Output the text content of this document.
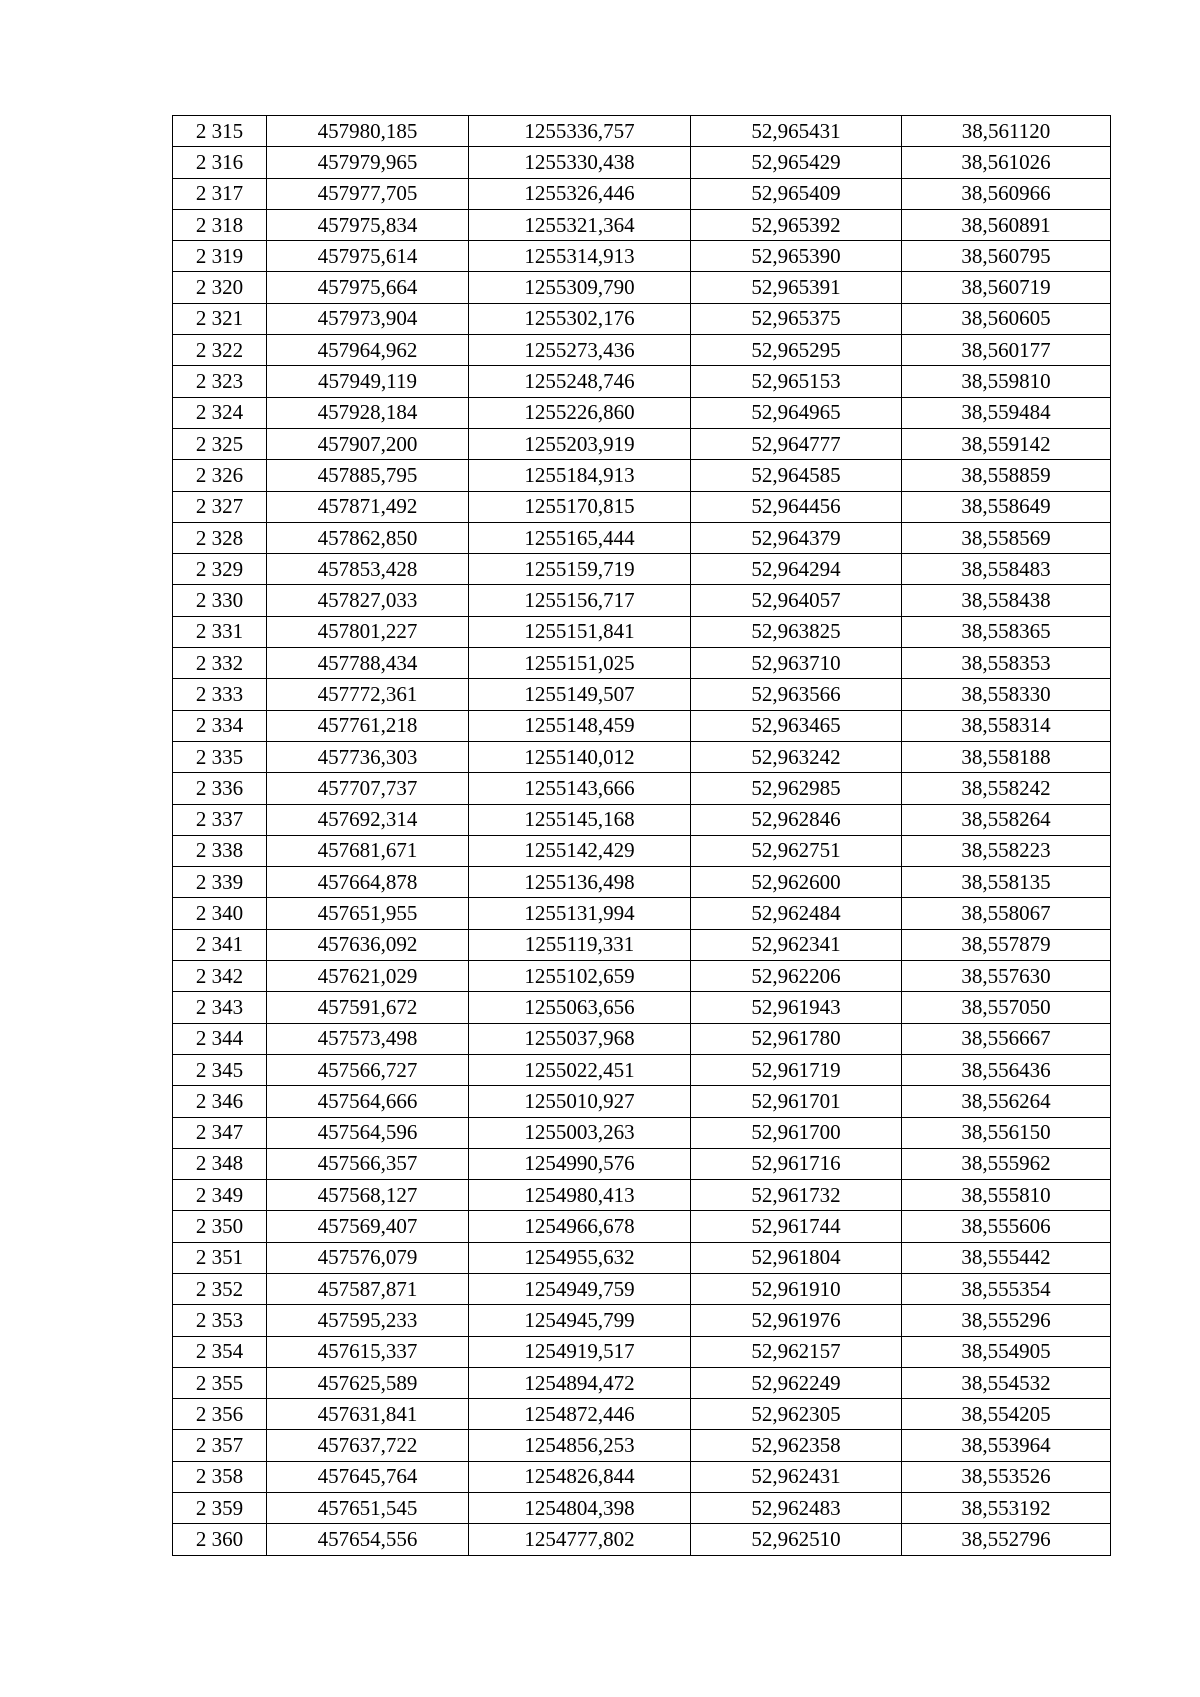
2 315	457980,185	1255336,757	52,965431	38,561120
2 316	457979,965	1255330,438	52,965429	38,561026
2 317	457977,705	1255326,446	52,965409	38,560966
2 318	457975,834	1255321,364	52,965392	38,560891
2 319	457975,614	1255314,913	52,965390	38,560795
2 320	457975,664	1255309,790	52,965391	38,560719
2 321	457973,904	1255302,176	52,965375	38,560605
2 322	457964,962	1255273,436	52,965295	38,560177
2 323	457949,119	1255248,746	52,965153	38,559810
2 324	457928,184	1255226,860	52,964965	38,559484
2 325	457907,200	1255203,919	52,964777	38,559142
2 326	457885,795	1255184,913	52,964585	38,558859
2 327	457871,492	1255170,815	52,964456	38,558649
2 328	457862,850	1255165,444	52,964379	38,558569
2 329	457853,428	1255159,719	52,964294	38,558483
2 330	457827,033	1255156,717	52,964057	38,558438
2 331	457801,227	1255151,841	52,963825	38,558365
2 332	457788,434	1255151,025	52,963710	38,558353
2 333	457772,361	1255149,507	52,963566	38,558330
2 334	457761,218	1255148,459	52,963465	38,558314
2 335	457736,303	1255140,012	52,963242	38,558188
2 336	457707,737	1255143,666	52,962985	38,558242
2 337	457692,314	1255145,168	52,962846	38,558264
2 338	457681,671	1255142,429	52,962751	38,558223
2 339	457664,878	1255136,498	52,962600	38,558135
2 340	457651,955	1255131,994	52,962484	38,558067
2 341	457636,092	1255119,331	52,962341	38,557879
2 342	457621,029	1255102,659	52,962206	38,557630
2 343	457591,672	1255063,656	52,961943	38,557050
2 344	457573,498	1255037,968	52,961780	38,556667
2 345	457566,727	1255022,451	52,961719	38,556436
2 346	457564,666	1255010,927	52,961701	38,556264
2 347	457564,596	1255003,263	52,961700	38,556150
2 348	457566,357	1254990,576	52,961716	38,555962
2 349	457568,127	1254980,413	52,961732	38,555810
2 350	457569,407	1254966,678	52,961744	38,555606
2 351	457576,079	1254955,632	52,961804	38,555442
2 352	457587,871	1254949,759	52,961910	38,555354
2 353	457595,233	1254945,799	52,961976	38,555296
2 354	457615,337	1254919,517	52,962157	38,554905
2 355	457625,589	1254894,472	52,962249	38,554532
2 356	457631,841	1254872,446	52,962305	38,554205
2 357	457637,722	1254856,253	52,962358	38,553964
2 358	457645,764	1254826,844	52,962431	38,553526
2 359	457651,545	1254804,398	52,962483	38,553192
2 360	457654,556	1254777,802	52,962510	38,552796
